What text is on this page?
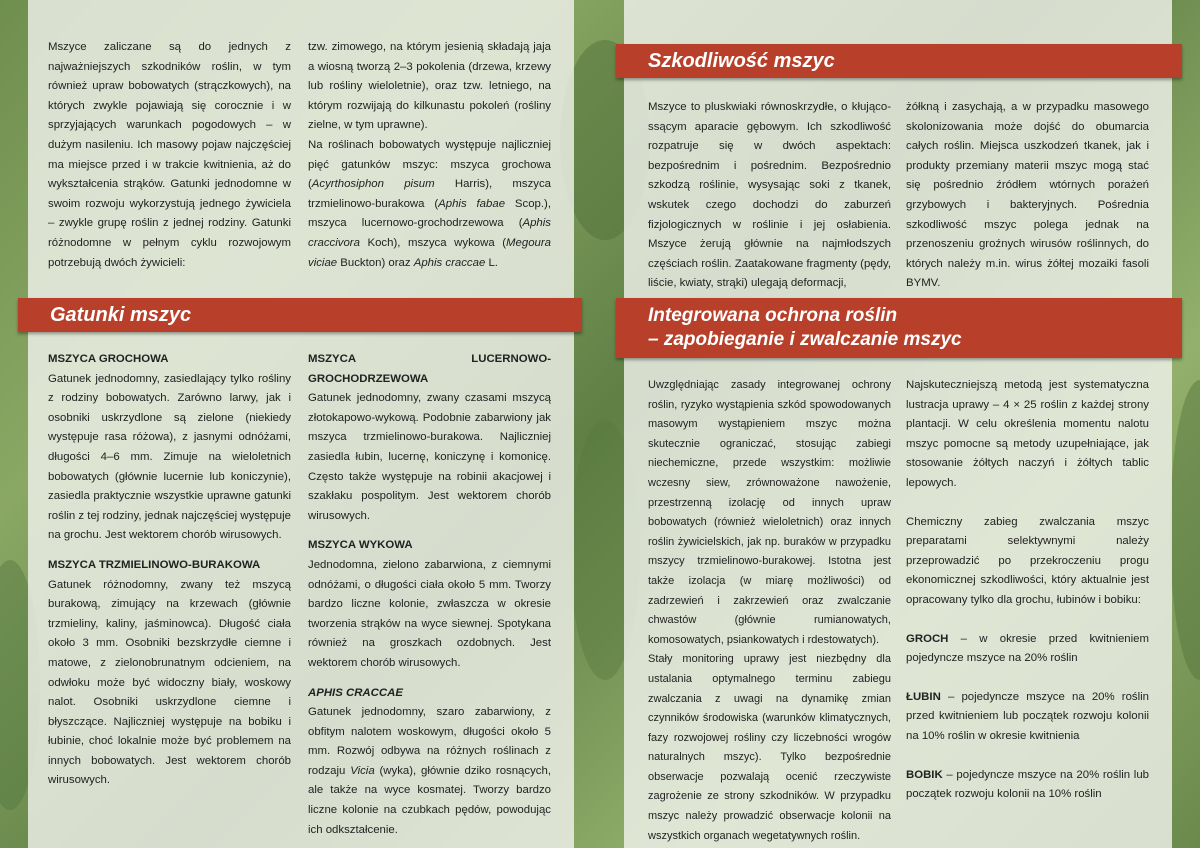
Mszyce zaliczane są do jednych z najważniejszych szkodników roślin, w tym również upraw bobowatych (strączkowych), na których zwykle pojawiają się corocznie i w sprzyjających warunkach pogodowych – w dużym nasileniu. Ich masowy pojaw najczęściej ma miejsce przed i w trakcie kwitnienia, aż do wykształcenia strąków. Gatunki jednodomne w swoim rozwoju wykorzystują jednego żywiciela – zwykle grupę roślin z jednej rodziny. Gatunki różnodomne w pełnym cyklu rozwojowym potrzebują dwóch żywicieli:

tzw. zimowego, na którym jesienią składają jaja a wiosną tworzą 2–3 pokolenia (drzewa, krzewy lub rośliny wieloletnie), oraz tzw. letniego, na którym rozwijają do kilkunastu pokoleń (rośliny zielne, w tym uprawne).

Na roślinach bobowatych występuje najliczniej pięć gatunków mszyc: mszyca grochowa (Acyrthosiphon pisum Harris), mszyca trzmielinowo-burakowa (Aphis fabae Scop.), mszyca lucernowo-grochodrzewowa (Aphis craccivora Koch), mszyca wykowa (Megoura viciae Buckton) oraz Aphis craccae L.

Gatunki mszyc

MSZYCA GROCHOWA

Gatunek jednodomny, zasiedlający tylko rośliny z rodziny bobowatych. Zarówno larwy, jak i osobniki uskrzydlone są zielone (niekiedy występuje rasa różowa), z jasnymi odnóżami, długości 4–6 mm. Zimuje na wieloletnich bobowatych (głównie lucernie lub koniczynie), zasiedla praktycznie wszystkie uprawne gatunki roślin z tej rodziny, jednak najczęściej występuje na grochu. Jest wektorem chorób wirusowych.

MSZYCA TRZMIELINOWO-BURAKOWA

Gatunek różnodomny, zwany też mszycą burakową, zimujący na krzewach (głównie trzmieliny, kaliny, jaśminowca). Długość ciała około 3 mm. Osobniki bezskrzydłe ciemne i matowe, z zielonobrunatnym odcieniem, na odwłoku może być widoczny biały, woskowy nalot. Osobniki uskrzydlone ciemne i błyszczące. Najliczniej występuje na bobiku i łubinie, choć lokalnie może być problemem na innych bobowatych. Jest wektorem chorób wirusowych.

MSZYCA LUCERNOWO-GROCHODRZEWOWA

Gatunek jednodomny, zwany czasami mszycą złotokapowo-wykową. Podobnie zabarwiony jak mszyca trzmielinowo-burakowa. Najliczniej zasiedla łubin, lucernę, koniczynę i komonicę. Często także występuje na robinii akacjowej i szakłaku pospolitym. Jest wektorem chorób wirusowych.

MSZYCA WYKOWA

Jednodomna, zielono zabarwiona, z ciemnymi odnóżami, o długości ciała około 5 mm. Tworzy bardzo liczne kolonie, zwłaszcza w okresie tworzenia strąków na wyce siewnej. Spotykana również na groszkach ozdobnych. Jest wektorem chorób wirusowych.

APHIS CRACCAE

Gatunek jednodomny, szaro zabarwiony, z obfitym nalotem woskowym, długości około 5 mm. Rozwój odbywa na różnych roślinach z rodzaju Vicia (wyka), głównie dziko rosnących, ale także na wyce kosmatej. Tworzy bardzo liczne kolonie na czubkach pędów, powodując ich odkształcenie.

Szkodliwość mszyc

Mszyce to pluskwiaki równoskrzydłe, o kłująco-ssącym aparacie gębowym. Ich szkodliwość rozpatruje się w dwóch aspektach: bezpośrednim i pośrednim. Bezpośrednio szkodzą roślinie, wysysając soki z tkanek, wskutek czego dochodzi do zaburzeń fizjologicznych w roślinie i jej osłabienia. Mszyce żerują głównie na najmłodszych częściach roślin. Zaatakowane fragmenty (pędy, liście, kwiaty, strąki) ulegają deformacji,

żółkną i zasychają, a w przypadku masowego skolonizowania może dojść do obumarcia całych roślin. Miejsca uszkodzeń tkanek, jak i produkty przemiany materii mszyc mogą stać się pośrednio źródłem wtórnych porażeń grzybowych i bakteryjnych. Pośrednia szkodliwość mszyc polega jednak na przenoszeniu groźnych wirusów roślinnych, do których należy m.in. wirus żółtej mozaiki fasoli BYMV.

Integrowana ochrona roślin
– zapobieganie i zwalczanie mszyc

Uwzględniając zasady integrowanej ochrony roślin, ryzyko wystąpienia szkód spowodowanych masowym wystąpieniem mszyc można skutecznie ograniczać, stosując zabiegi niechemiczne, przede wszystkim: możliwie wczesny siew, zrównoważone nawożenie, przestrzenną izolację od innych upraw bobowatych (również wieloletnich) oraz innych roślin żywicielskich, jak np. buraków w przypadku mszycy trzmielinowo-burakowej. Istotna jest także izolacja (w miarę możliwości) od zadrzewień i zakrzewień oraz zwalczanie chwastów (głównie rumianowatych, komosowatych, psiankowatych i rdestowatych).

Stały monitoring uprawy jest niezbędny dla ustalania optymalnego terminu zabiegu zwalczania z uwagi na dynamikę zmian czynników środowiska (warunków klimatycznych, fazy rozwojowej rośliny czy liczebności wrogów naturalnych mszyc). Tylko bezpośrednie obserwacje pozwalają ocenić rzeczywiste zagrożenie ze strony szkodników. W przypadku mszyc należy prowadzić obserwacje kolonii na wszystkich organach wegetatywnych roślin.

Najskuteczniejszą metodą jest systematyczna lustracja uprawy – 4 × 25 roślin z każdej strony plantacji. W celu określenia momentu nalotu mszyc pomocne są metody uzupełniające, jak stosowanie żółtych naczyń i żółtych tablic lepowych.

Chemiczny zabieg zwalczania mszyc preparatami selektywnymi należy przeprowadzić po przekroczeniu progu ekonomicznej szkodliwości, który aktualnie jest opracowany tylko dla grochu, łubinów i bobiku:

GROCH – w okresie przed kwitnieniem pojedyncze mszyce na 20% roślin

ŁUBIN – pojedyncze mszyce na 20% roślin przed kwitnieniem lub początek rozwoju kolonii na 10% roślin w okresie kwitnienia

BOBIK – pojedyncze mszyce na 20% roślin lub początek rozwoju kolonii na 10% roślin
